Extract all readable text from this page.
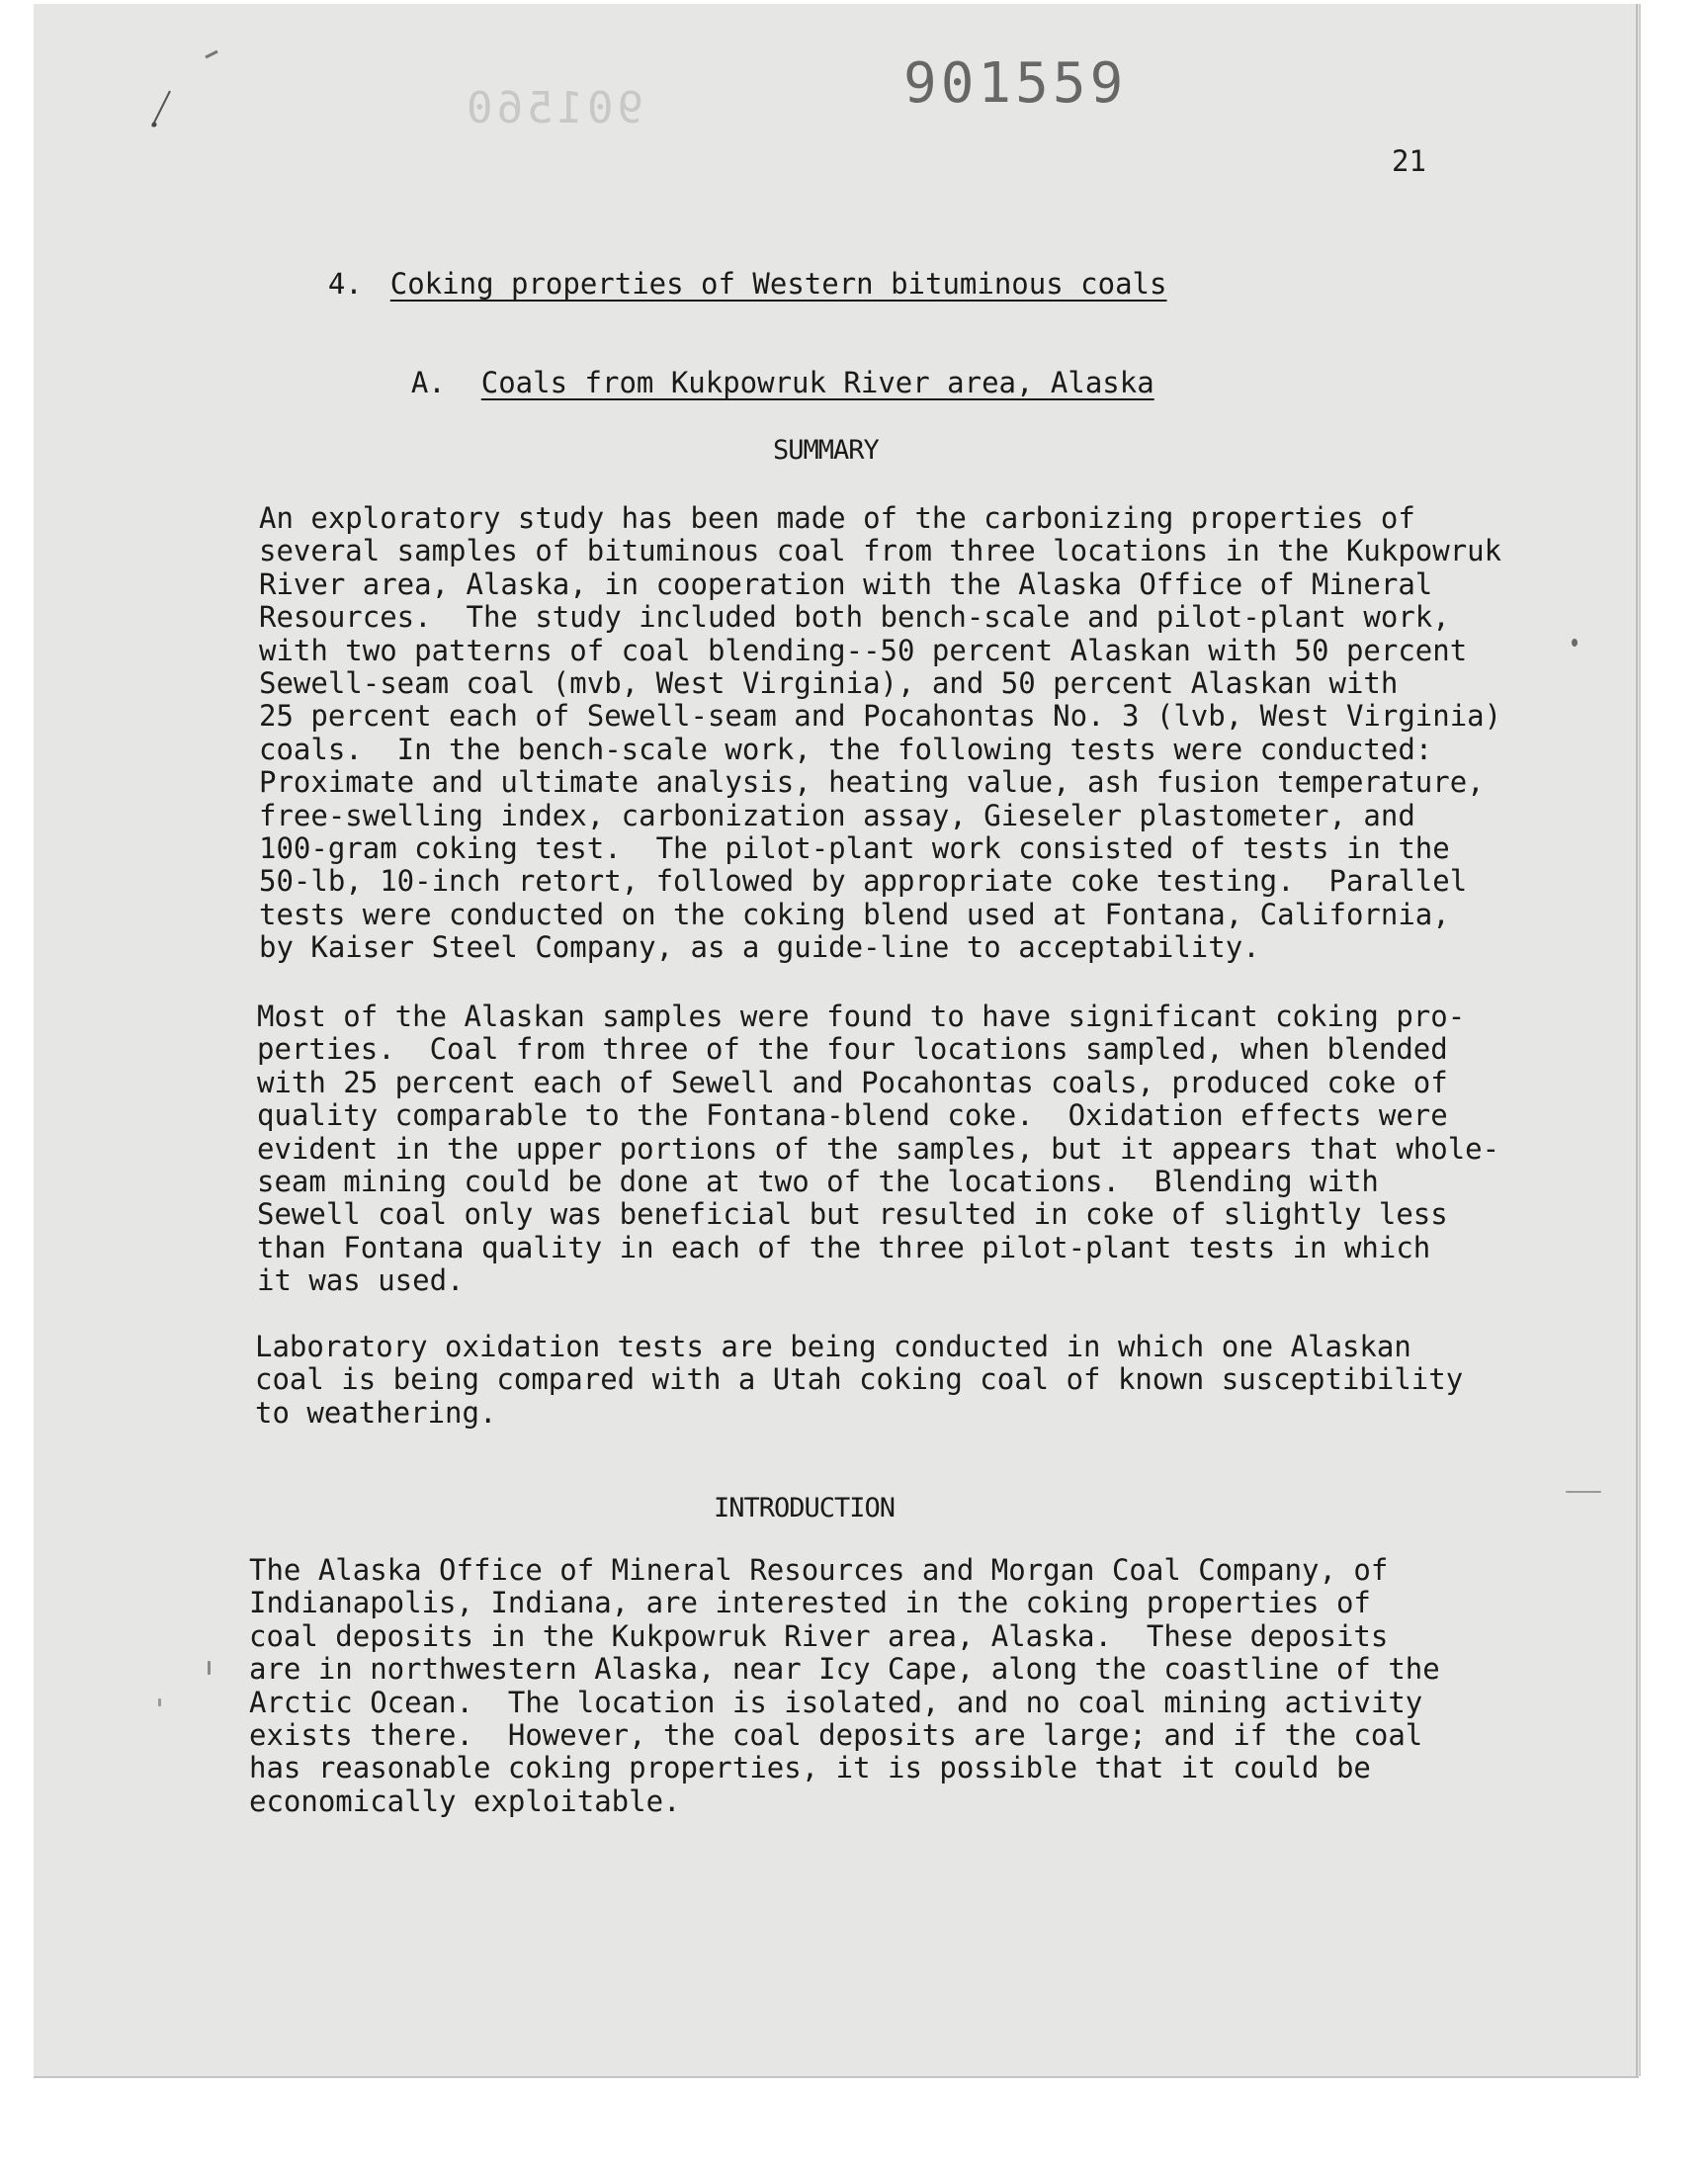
901560	901559
21

4. Coking properties of Western bituminous coals

A. Coals from Kukpowruk River area, Alaska

SUMMARY
An exploratory study has been made of the carbonizing properties of
several samples of bituminous coal from three locations in the Kukpowruk
River area, Alaska, in cooperation with the Alaska Office of Mineral
Resources.  The study included both bench-scale and pilot-plant work,
with two patterns of coal blending--50 percent Alaskan with 50 percent
Sewell-seam coal (mvb, West Virginia), and 50 percent Alaskan with
25 percent each of Sewell-seam and Pocahontas No. 3 (lvb, West Virginia)
coals.  In the bench-scale work, the following tests were conducted:
Proximate and ultimate analysis, heating value, ash fusion temperature,
free-swelling index, carbonization assay, Gieseler plastometer, and
100-gram coking test.  The pilot-plant work consisted of tests in the
50-lb, 10-inch retort, followed by appropriate coke testing.  Parallel
tests were conducted on the coking blend used at Fontana, California,
by Kaiser Steel Company, as a guide-line to acceptability.
Most of the Alaskan samples were found to have significant coking pro-
perties.  Coal from three of the four locations sampled, when blended
with 25 percent each of Sewell and Pocahontas coals, produced coke of
quality comparable to the Fontana-blend coke.  Oxidation effects were
evident in the upper portions of the samples, but it appears that whole-
seam mining could be done at two of the locations.  Blending with
Sewell coal only was beneficial but resulted in coke of slightly less
than Fontana quality in each of the three pilot-plant tests in which
it was used.
Laboratory oxidation tests are being conducted in which one Alaskan
coal is being compared with a Utah coking coal of known susceptibility
to weathering.
INTRODUCTION
The Alaska Office of Mineral Resources and Morgan Coal Company, of
Indianapolis, Indiana, are interested in the coking properties of
coal deposits in the Kukpowruk River area, Alaska.  These deposits
are in northwestern Alaska, near Icy Cape, along the coastline of the
Arctic Ocean.  The location is isolated, and no coal mining activity
exists there.  However, the coal deposits are large; and if the coal
has reasonable coking properties, it is possible that it could be
economically exploitable.
